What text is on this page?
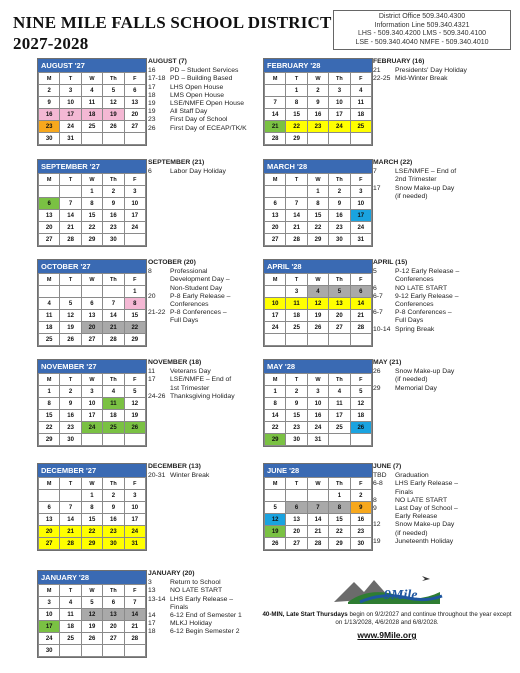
NINE MILE FALLS SCHOOL DISTRICT
2027-2028
District Office 509.340.4300
Information Line 509.340.4321
LHS - 509.340.4200 LMS - 509.340.4100
LSE - 509.340.4040 NMFE - 509.340.4010
AUGUST '27
M	T	W	Th	F
2	3	4	5	6
9	10	11	12	13
16	17	18	19	20
23	24	25	26	27
30	31			
AUGUST (7)
16	PD – Student Services
17-18 PD – Building Based
17	LHS Open House
18	LMS Open House
19	LSE/NMFE Open House
19	All Staff Day
23	First Day of School
26	First Day of ECEAP/TK/K
FEBRUARY '28
M	T	W	Th	F
	1	2	3	4
7	8	9	10	11
14	15	16	17	18
21	22	23	24	25
28	29			
FEBRUARY (16)
21	Presidents' Day Holiday
22-25 Mid-Winter Break
SEPTEMBER '27
M	T	W	Th	F
		1	2	3
6	7	8	9	10
13	14	15	16	17
20	21	22	23	24
27	28	29	30	
SEPTEMBER (21)
6	Labor Day Holiday
MARCH '28
M	T	W	Th	F
		1	2	3
6	7	8	9	10
13	14	15	16	17
20	21	22	23	24
27	28	29	30	31
MARCH (22)
7	LSE/NMFE – End of
2nd Trimester
17	Snow Make-up Day
(if needed)
OCTOBER '27
M	T	W	Th	F
				1
4	5	6	7	8
11	12	13	14	15
18	19	20	21	22
25	26	27	28	29
OCTOBER (20)
8	Professional
Development Day –
Non-Student Day
20	P-8 Early Release –
Conferences
21-22 P-8 Conferences –
Full Days
APRIL '28
M	T	W	Th	F
	3	4	5	6
10	11	12	13	14
17	18	19	20	21
24	25	26	27	28

APRIL (15)
5	P-12 Early Release –
Conferences
6	NO LATE START
6-7	9-12 Early Release –
Conferences
6-7	P-8 Conferences –
Full Days
10-14 Spring Break
NOVEMBER '27
M	T	W	Th	F
1	2	3	4	5
8	9	10	11	12
15	16	17	18	19
22	23	24	25	26
29	30			
NOVEMBER (18)
11	Veterans Day
17	LSE/NMFE – End of
1st Trimester
24-26 Thanksgiving Holiday
MAY '28
M	T	W	Th	F
1	2	3	4	5
8	9	10	11	12
14	15	16	17	18
22	23	24	25	26
29	30	31		
MAY (21)
26	Snow Make-up Day
(if needed)
29	Memorial Day
DECEMBER '27
M	T	W	Th	F
		1	2	3
6	7	8	9	10
13	14	15	16	17
20	21	22	23	24
27	28	29	30	31
DECEMBER (13)
20-31 Winter Break
JUNE '28
M	T	W	Th	F
			1	2
5	6	7	8	9
12	13	14	15	16
19	20	21	22	23
26	27	28	29	30
JUNE (7)
TBD	Graduation
6-8	LHS Early Release –
Finals
8	NO LATE START
9	Last Day of School –
Early Release
12	Snow Make-up Day
(if needed)
19	Juneteenth Holiday
JANUARY '28
M	T	W	Th	F
3	4	5	6	7
10	11	12	13	14
17	18	19	20	21
24	25	26	27	28
30				
JANUARY (20)
3	Return to School
13	NO LATE START
13-14 LHS Early Release –
Finals
14	6-12 End of Semester 1
17	MLKJ Holiday
18	6-12 Begin Semester 2
9Mile
40-MIN, Late Start Thursdays begin on 9/2/2027 and continue throughout the year except on 1/13/2028, 4/6/2028 and 6/8/2028.
www.9Mile.org
